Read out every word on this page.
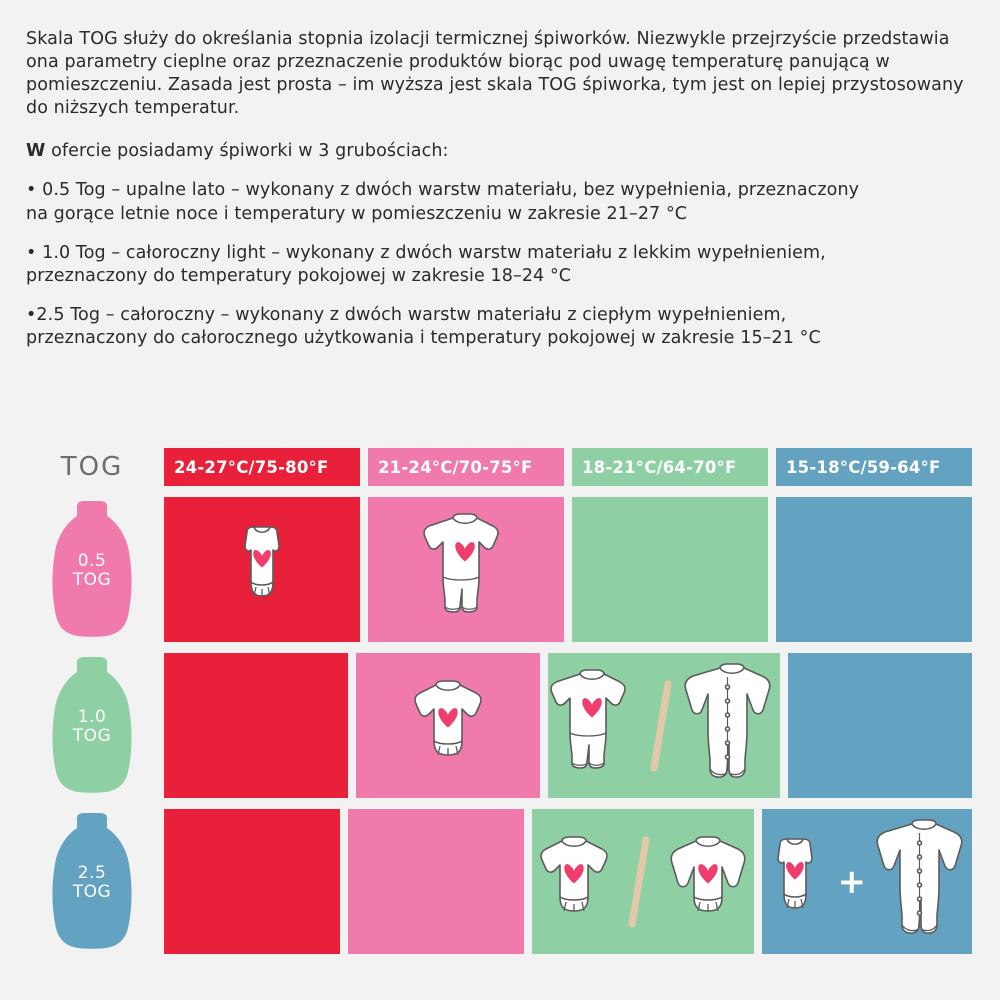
Skala TOG służy do określania stopnia izolacji termicznej śpiworków. Niezwykle przejrzyście przedstawia ona parametry cieplne oraz przeznaczenie produktów biorąc pod uwagę temperaturę panującą w pomieszczeniu. Zasada jest prosta – im wyższa jest skala TOG śpiworka, tym jest on lepiej przystosowany do niższych temperatur.

W ofercie posiadamy śpiworki w 3 grubościach:

• 0.5 Tog – upalne lato – wykonany z dwóch warstw materiału, bez wypełnienia, przeznaczony
na gorące letnie noce i temperatury w pomieszczeniu w zakresie 21–27 °C

• 1.0 Tog – całoroczny light – wykonany z dwóch warstw materiału z lekkim wypełnieniem,
przeznaczony do temperatury pokojowej w zakresie 18–24 °C

•2.5 Tog – całoroczny – wykonany z dwóch warstw materiału z ciepłym wypełnieniem,
przeznaczony do całorocznego użytkowania i temperatury pokojowej w zakresie 15–21 °C

TOG	24-27°C/75-80°F	21-24°C/70-75°F	18-21°C/64-70°F	15-18°C/59-64°F
0.5
TOG
1.0
TOG
2.5
TOG	+
